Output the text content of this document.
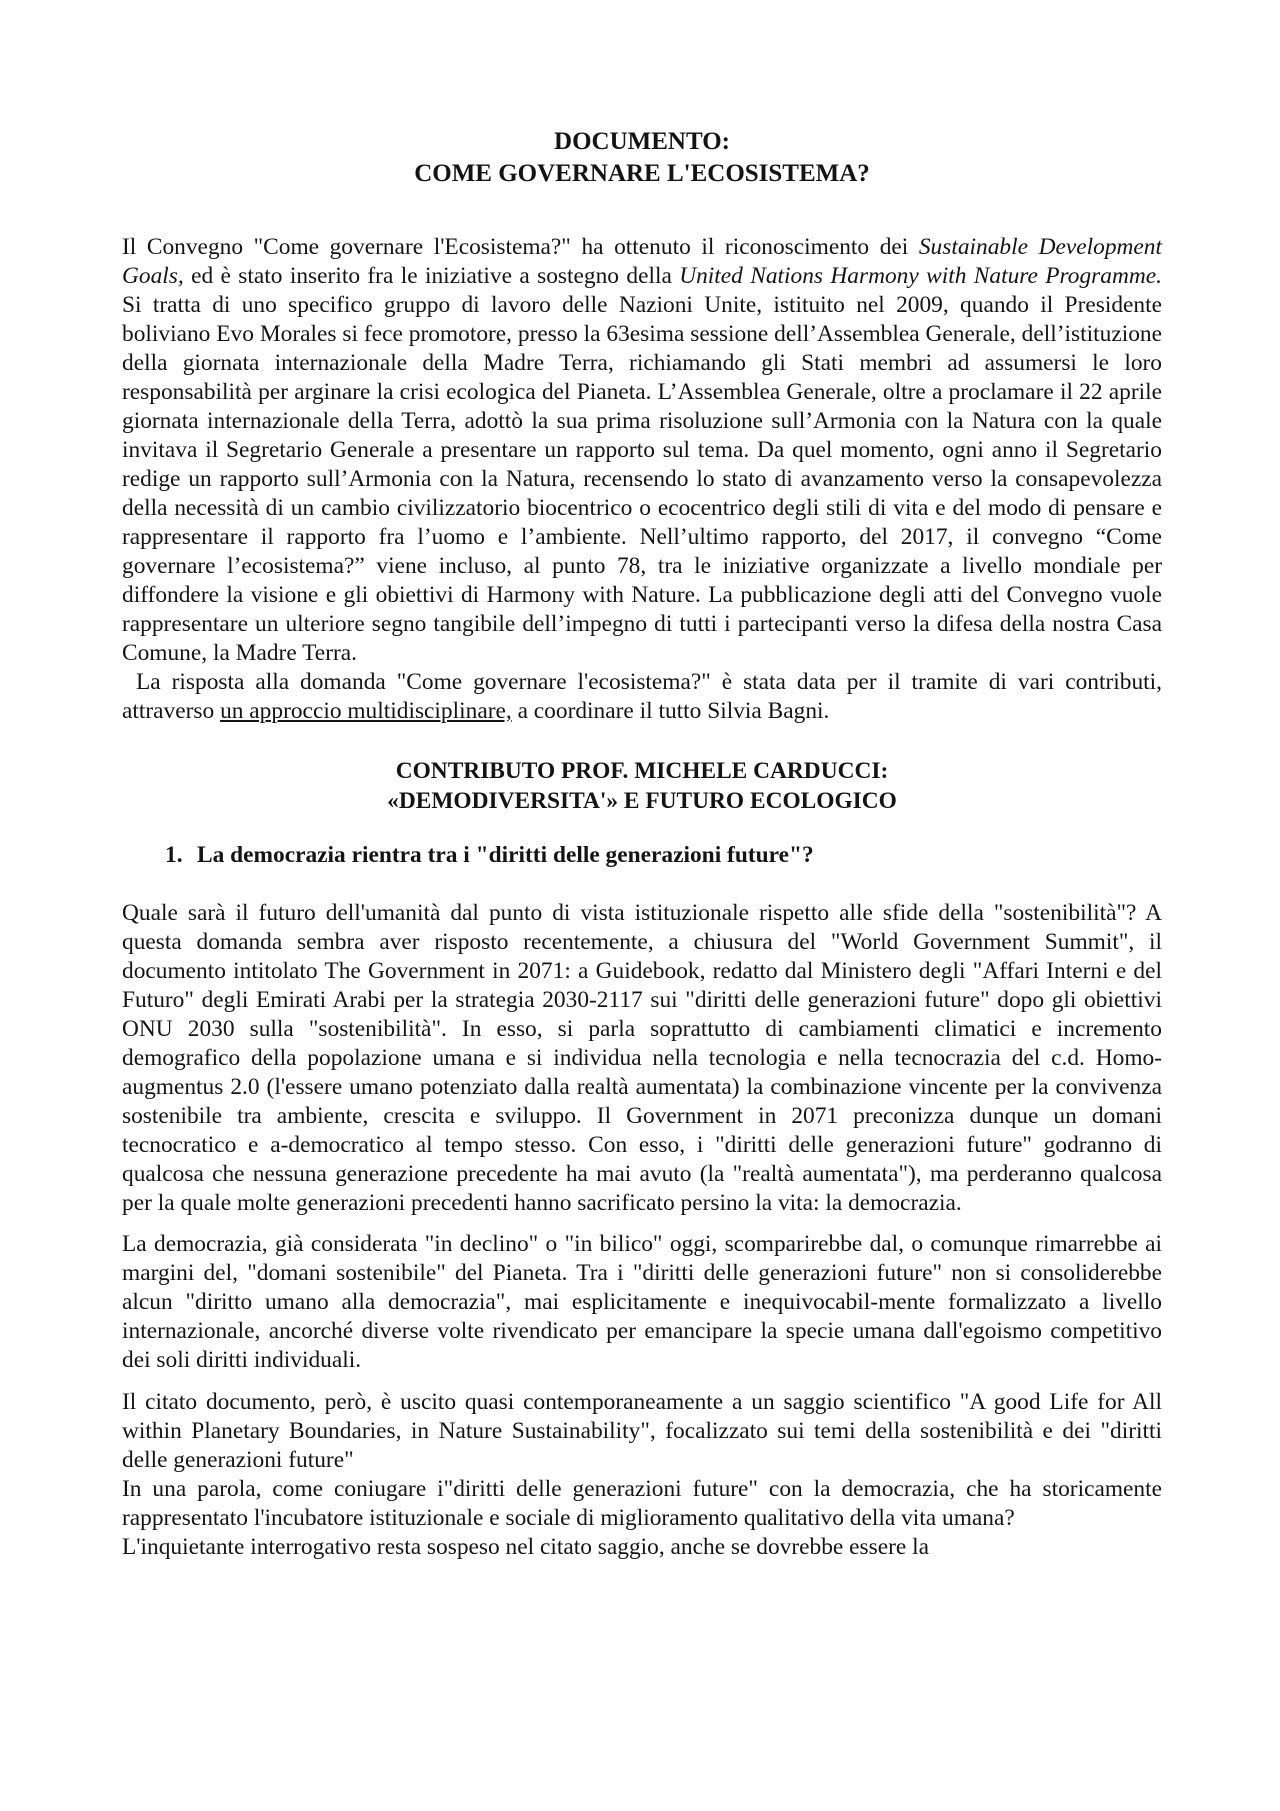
DOCUMENTO:
COME GOVERNARE L'ECOSISTEMA?

Il Convegno "Come governare l'Ecosistema?" ha ottenuto il riconoscimento dei Sustainable Development Goals, ed è stato inserito fra le iniziative a sostegno della United Nations Harmony with Nature Programme. Si tratta di uno specifico gruppo di lavoro delle Nazioni Unite, istituito nel 2009, quando il Presidente boliviano Evo Morales si fece promotore, presso la 63esima sessione dell’Assemblea Generale, dell’istituzione della giornata internazionale della Madre Terra, richiamando gli Stati membri ad assumersi le loro responsabilità per arginare la crisi ecologica del Pianeta. L’Assemblea Generale, oltre a proclamare il 22 aprile giornata internazionale della Terra, adottò la sua prima risoluzione sull’Armonia con la Natura con la quale invitava il Segretario Generale a presentare un rapporto sul tema. Da quel momento, ogni anno il Segretario redige un rapporto sull’Armonia con la Natura, recensendo lo stato di avanzamento verso la consapevolezza della necessità di un cambio civilizzatorio biocentrico o ecocentrico degli stili di vita e del modo di pensare e rappresentare il rapporto fra l’uomo e l’ambiente. Nell’ultimo rapporto, del 2017, il convegno “Come governare l’ecosistema?” viene incluso, al punto 78, tra le iniziative organizzate a livello mondiale per diffondere la visione e gli obiettivi di Harmony with Nature. La pubblicazione degli atti del Convegno vuole rappresentare un ulteriore segno tangibile dell’impegno di tutti i partecipanti verso la difesa della nostra Casa Comune, la Madre Terra.

La risposta alla domanda "Come governare l'ecosistema?" è stata data per il tramite di vari contributi, attraverso un approccio multidisciplinare, a coordinare il tutto Silvia Bagni.

CONTRIBUTO PROF. MICHELE CARDUCCI:
«DEMODIVERSITA'» E FUTURO ECOLOGICO
1. La democrazia rientra tra i "diritti delle generazioni future"?

Quale sarà il futuro dell'umanità dal punto di vista istituzionale rispetto alle sfide della "sostenibilità"? A questa domanda sembra aver risposto recentemente, a chiusura del "World Government Summit", il documento intitolato The Government in 2071: a Guidebook, redatto dal Ministero degli "Affari Interni e del Futuro" degli Emirati Arabi per la strategia 2030-2117 sui "diritti delle generazioni future" dopo gli obiettivi ONU 2030 sulla "sostenibilità". In esso, si parla soprattutto di cambiamenti climatici e incremento demografico della popolazione umana e si individua nella tecnologia e nella tecnocrazia del c.d. Homo-augmentus 2.0 (l'essere umano potenziato dalla realtà aumentata) la combinazione vincente per la convivenza sostenibile tra ambiente, crescita e sviluppo. Il Government in 2071 preconizza dunque un domani tecnocratico e a-democratico al tempo stesso. Con esso, i "diritti delle generazioni future" godranno di qualcosa che nessuna generazione precedente ha mai avuto (la "realtà aumentata"), ma perderanno qualcosa per la quale molte generazioni precedenti hanno sacrificato persino la vita: la democrazia.

La democrazia, già considerata "in declino" o "in bilico" oggi, scomparirebbe dal, o comunque rimarrebbe ai margini del, "domani sostenibile" del Pianeta. Tra i "diritti delle generazioni future" non si consoliderebbe alcun "diritto umano alla democrazia", mai esplicitamente e inequivocabil-mente formalizzato a livello internazionale, ancorché diverse volte rivendicato per emancipare la specie umana dall'egoismo competitivo dei soli diritti individuali.

Il citato documento, però, è uscito quasi contemporaneamente a un saggio scientifico "A good Life for All within Planetary Boundaries, in Nature Sustainability", focalizzato sui temi della sostenibilità e dei "diritti delle generazioni future"

In una parola, come coniugare i"diritti delle generazioni future" con la democrazia, che ha storicamente rappresentato l'incubatore istituzionale e sociale di miglioramento qualitativo della vita umana?

L'inquietante interrogativo resta sospeso nel citato saggio, anche se dovrebbe essere la
